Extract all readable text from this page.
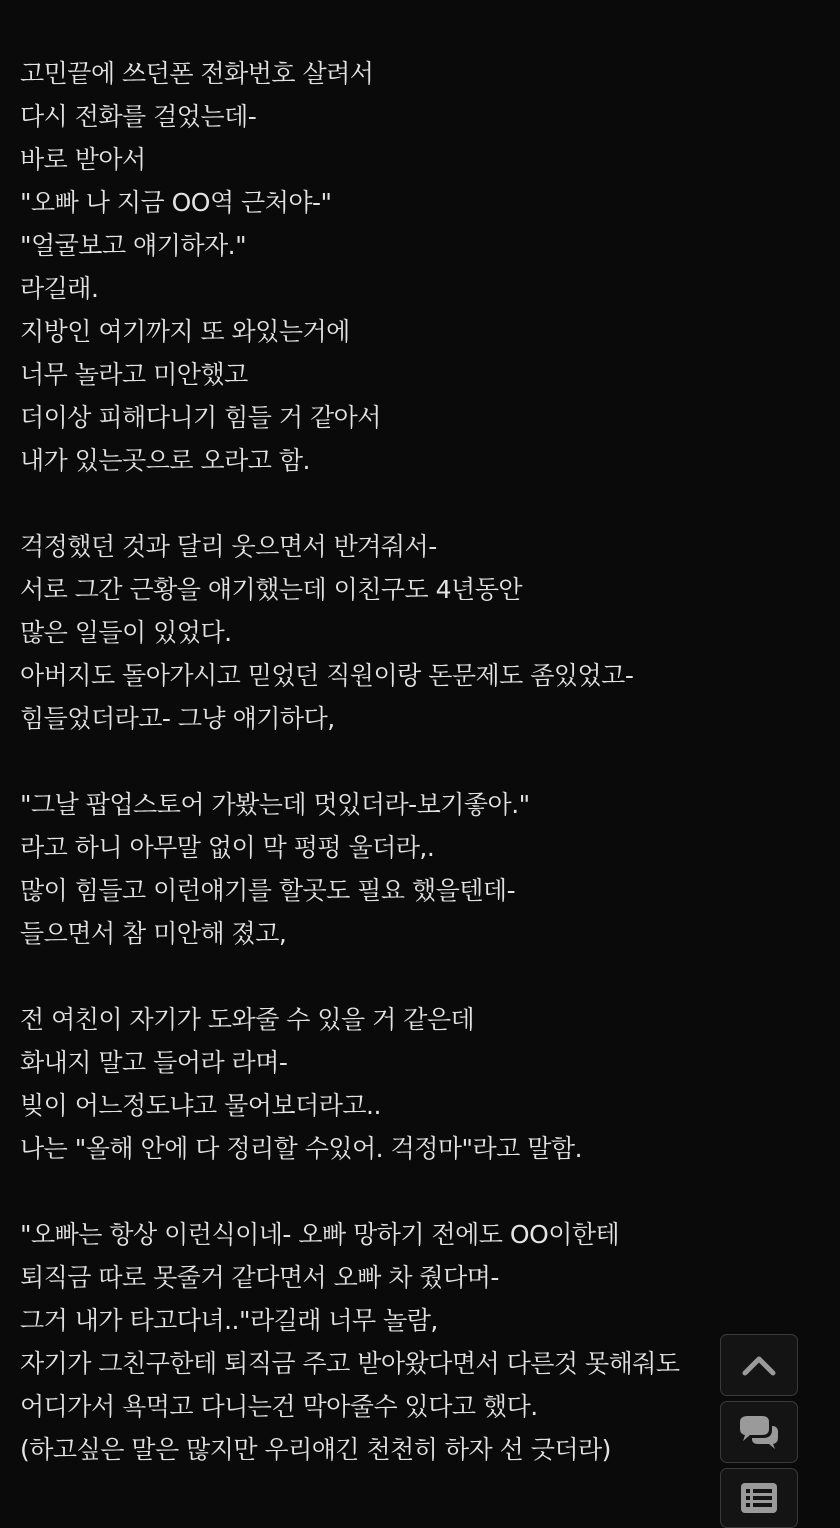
고민끝에 쓰던폰 전화번호 살려서
다시 전화를 걸었는데-
바로 받아서
"오빠 나 지금 OO역 근처야-"
"얼굴보고 얘기하자."
라길래.
지방인 여기까지 또 와있는거에
너무 놀라고 미안했고
더이상 피해다니기 힘들 거 같아서
내가 있는곳으로 오라고 함.
걱정했던 것과 달리 웃으면서 반겨줘서-
서로 그간 근황을 얘기했는데 이친구도 4년동안
많은 일들이 있었다.
아버지도 돌아가시고 믿었던 직원이랑 돈문제도 좀있었고-
힘들었더라고- 그냥 얘기하다,
"그날 팝업스토어 가봤는데 멋있더라-보기좋아."
라고 하니 아무말 없이 막 펑펑 울더라,.
많이 힘들고 이런얘기를 할곳도 필요 했을텐데-
들으면서 참 미안해 졌고,
전 여친이 자기가 도와줄 수 있을 거 같은데
화내지 말고 들어라 라며-
빚이 어느정도냐고 물어보더라고..
나는 "올해 안에 다 정리할 수있어. 걱정마"라고 말함.
"오빠는 항상 이런식이네- 오빠 망하기 전에도 OO이한테
퇴직금 따로 못줄거 같다면서 오빠 차 줬다며-
그거 내가 타고다녀.."라길래 너무 놀람,
자기가 그친구한테 퇴직금 주고 받아왔다면서 다른것 못해줘도
어디가서 욕먹고 다니는건 막아줄수 있다고 했다.
(하고싶은 말은 많지만 우리얘긴 천천히 하자 선 긋더라)
